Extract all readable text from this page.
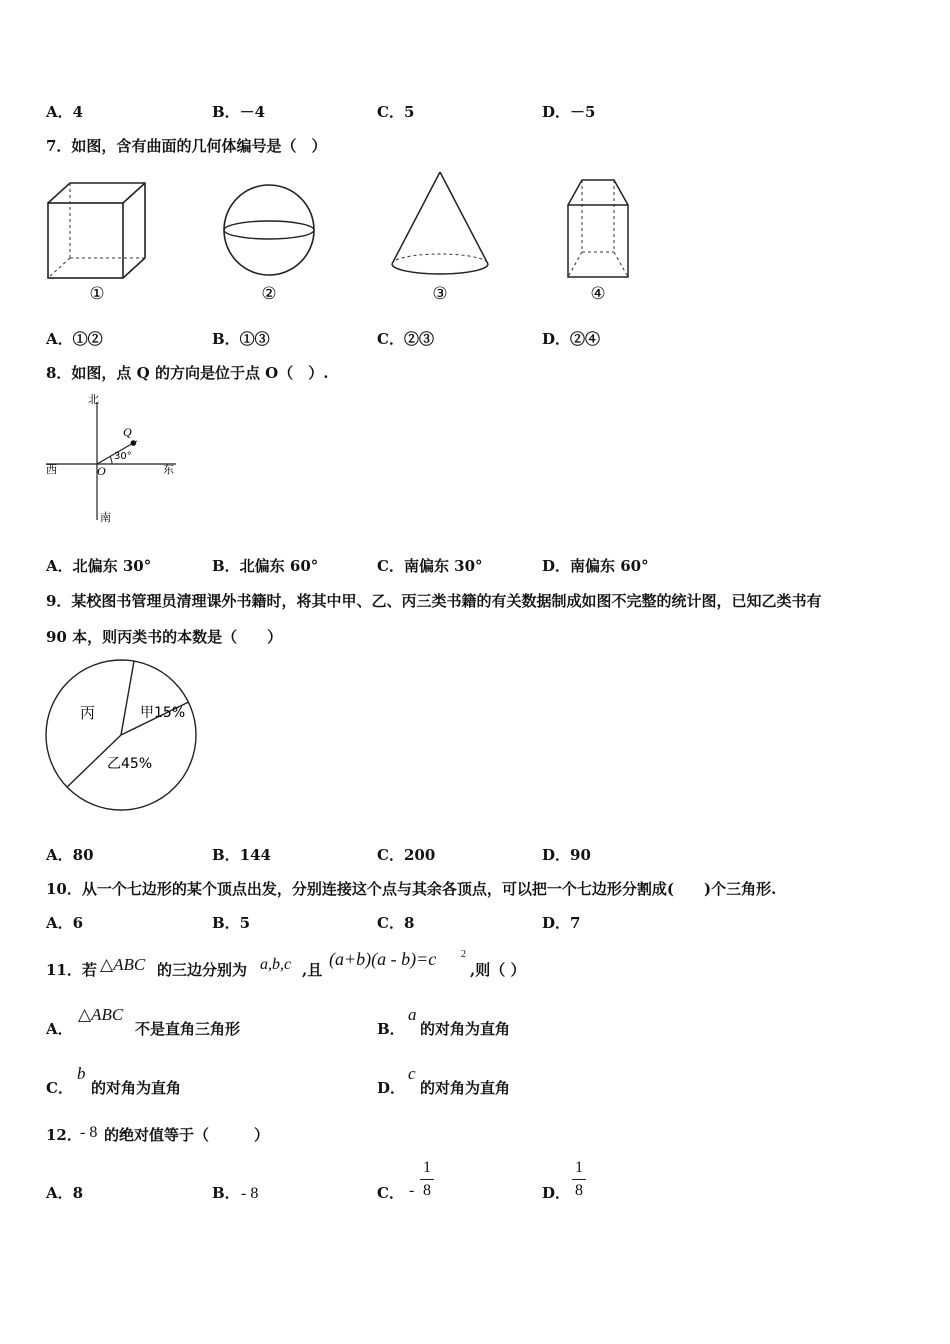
A．4	B．－4	C．5	D．－5
7．如图，含有曲面的几何体编号是（　）
①	②	③	④
A．①②	B．①③	C．②③	D．②④
8．如图，点 Q 的方向是位于点 O（　）.
北
南
东
西	O
Q
30°
A．北偏东 30°	B．北偏东 60°	C．南偏东 30°	D．南偏东 60°
9．某校图书管理员清理课外书籍时，将其中甲、乙、丙三类书籍的有关数据制成如图不完整的统计图，已知乙类书有
90 本，则丙类书的本数是（　　）
丙	甲15%
乙45%
A．80	B．144	C．200	D．90
10．从一个七边形的某个顶点出发，分别连接这个点与其余各顶点，可以把一个七边形分割成(　　)个三角形.
A．6	B．5	C．8	D．7
11．若 △ABC 的三边分别为 a,b,c ,且
(a+b)(a - b)=c 2
,则（ ）
A．
△ABC
不是直角三角形	B．
a
的对角为直角
C．
b
的对角为直角	D．
c
的对角为直角
12．
- 8 的绝对值等于（　　　）
A．8	B． - 8	C． -
1
8	D．
1
8
